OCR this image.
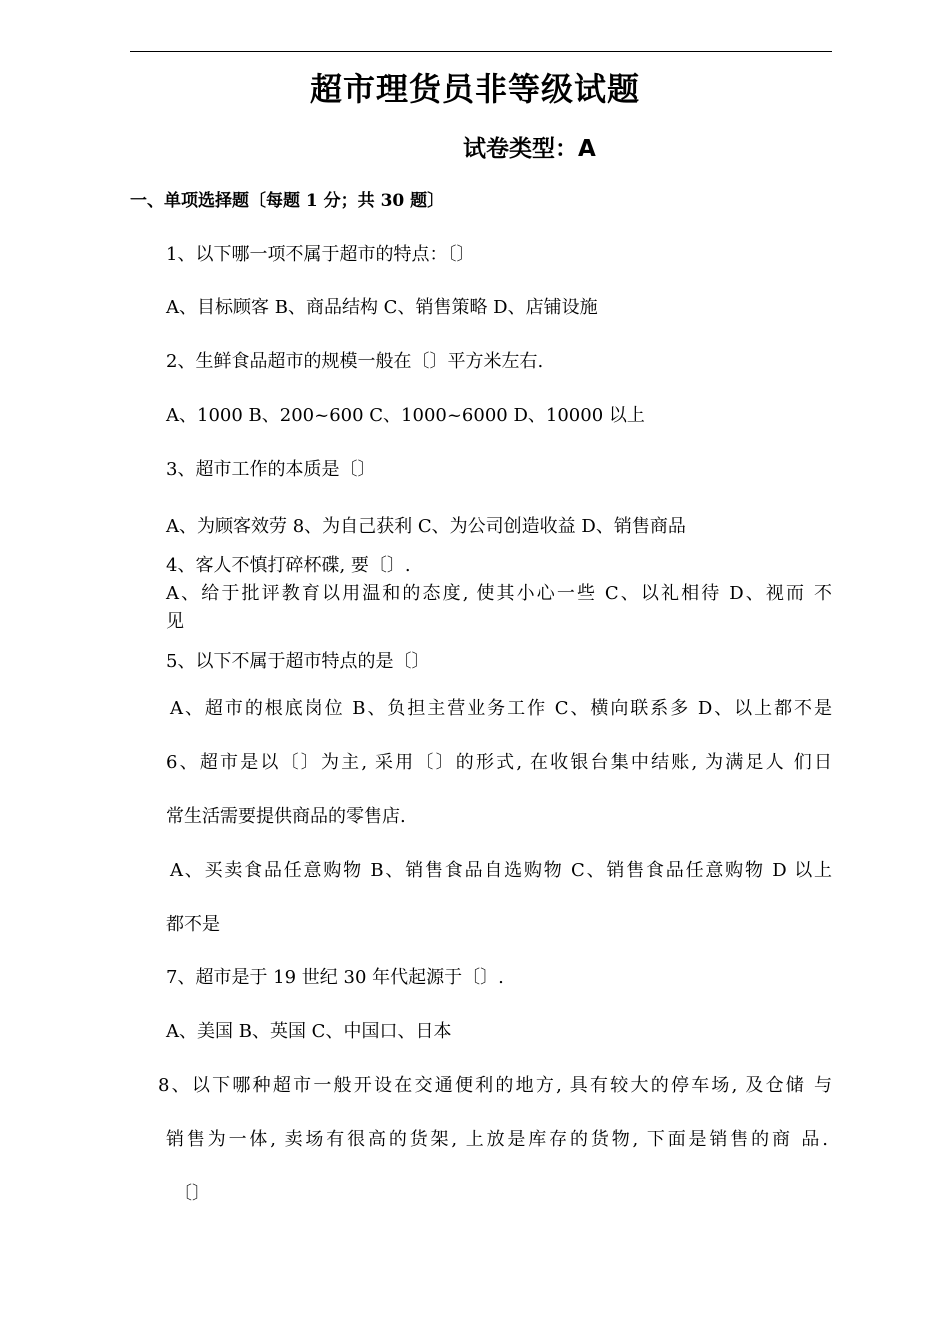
超市理货员非等级试题
试卷类型：A
一、单项选择题〔每题 1 分；共 30 题〕
1、以下哪一项不属于超市的特点：〔〕
A、目标顾客 B、商品结构 C、销售策略 D、店铺设施
2、生鲜食品超市的规模一般在〔〕平方米左右.
A、1000 B、200~600 C、1000~6000 D、10000 以上
3、超市工作的本质是〔〕
A、为顾客效劳 8、为自己获利 C、为公司创造收益 D、销售商品
4、客人不慎打碎杯碟, 要〔〕.
A、给于批评教育以用温和的态度, 使其小心一些 C、以礼相待 D、视而 不
见
5、以下不属于超市特点的是〔〕
A、超市的根底岗位 B、负担主营业务工作 C、横向联系多 D、以上都不是
6、超市是以〔〕为主, 采用〔〕的形式, 在收银台集中结账, 为满足人 们日
常生活需要提供商品的零售店.
A、买卖食品任意购物 B、销售食品自选购物 C、销售食品任意购物 D 以上
都不是
7、超市是于 19 世纪 30 年代起源于〔〕.
A、美国 B、英国 C、中国口、日本
8、以下哪种超市一般开设在交通便利的地方, 具有较大的停车场, 及仓储 与
销售为一体, 卖场有很高的货架, 上放是库存的货物, 下面是销售的商 品.
〔〕
